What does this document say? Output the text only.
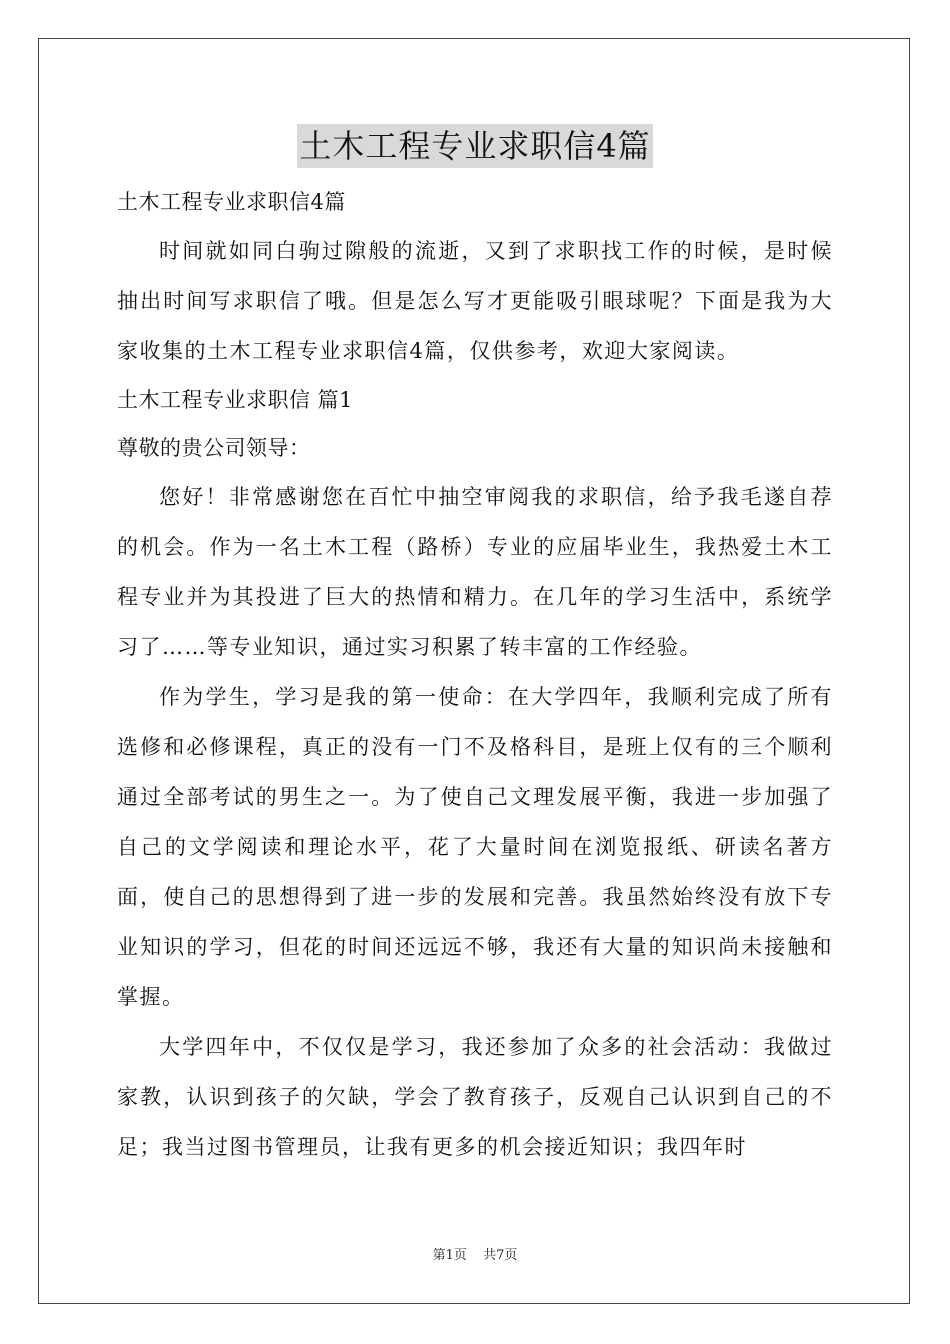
土木工程专业求职信4篇

土木工程专业求职信4篇

时间就如同白驹过隙般的流逝，又到了求职找工作的时候，是时候抽出时间写求职信了哦。但是怎么写才更能吸引眼球呢？下面是我为大家收集的土木工程专业求职信4篇，仅供参考，欢迎大家阅读。

土木工程专业求职信 篇1

尊敬的贵公司领导：

您好！非常感谢您在百忙中抽空审阅我的求职信，给予我毛遂自荐的机会。作为一名土木工程（路桥）专业的应届毕业生，我热爱土木工程专业并为其投进了巨大的热情和精力。在几年的学习生活中，系统学习了……等专业知识，通过实习积累了转丰富的工作经验。

作为学生，学习是我的第一使命：在大学四年，我顺利完成了所有选修和必修课程，真正的没有一门不及格科目，是班上仅有的三个顺利通过全部考试的男生之一。为了使自己文理发展平衡，我进一步加强了自己的文学阅读和理论水平，花了大量时间在浏览报纸、研读名著方面，使自己的思想得到了进一步的发展和完善。我虽然始终没有放下专业知识的学习，但花的时间还远远不够，我还有大量的知识尚未接触和掌握。

大学四年中，不仅仅是学习，我还参加了众多的社会活动：我做过家教，认识到孩子的欠缺，学会了教育孩子，反观自己认识到自己的不足；我当过图书管理员，让我有更多的机会接近知识；我四年时

第1页 共7页
